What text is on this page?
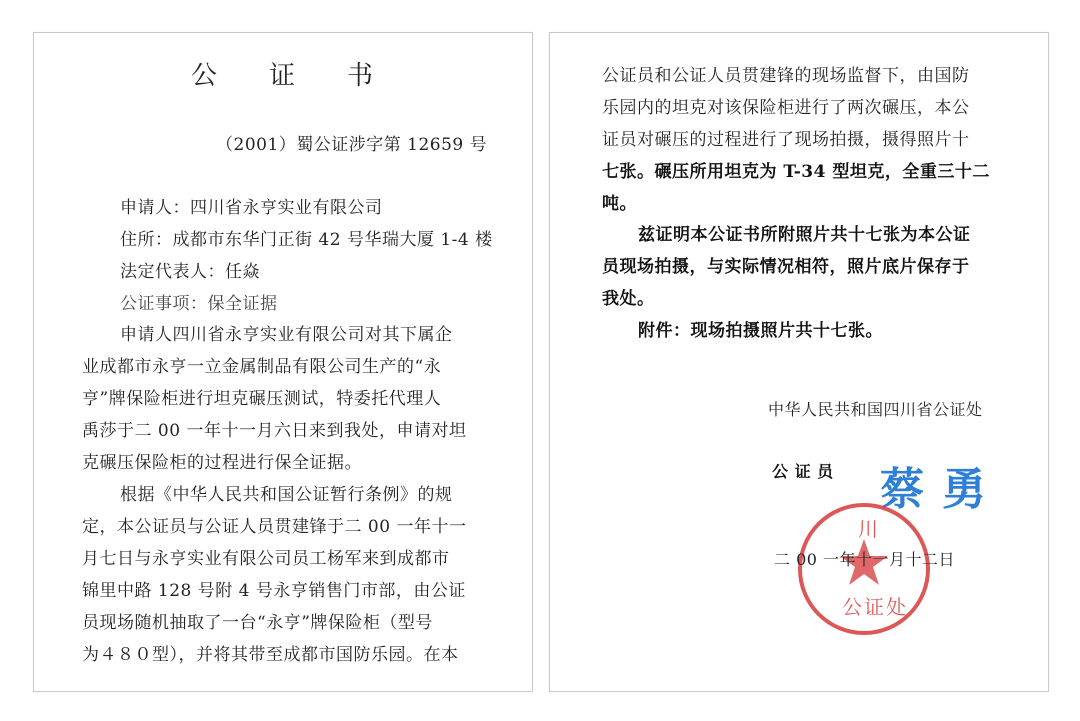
公 证 书
（2001）蜀公证涉字第 12659 号
申请人：四川省永亨实业有限公司
住所：成都市东华门正街 42 号华瑞大厦 1-4 楼
法定代表人：任焱
公证事项：保全证据
申请人四川省永亨实业有限公司对其下属企
业成都市永亨一立金属制品有限公司生产的“永
亨”牌保险柜进行坦克碾压测试，特委托代理人
禹莎于二 00 一年十一月六日来到我处，申请对坦
克碾压保险柜的过程进行保全证据。
根据《中华人民共和国公证暂行条例》的规
定，本公证员与公证人员贯建锋于二 00 一年十一
月七日与永亨实业有限公司员工杨军来到成都市
锦里中路 128 号附 4 号永亨销售门市部，由公证
员现场随机抽取了一台“永亨”牌保险柜（型号
为４８０型），并将其带至成都市国防乐园。在本
公证员和公证人员贯建锋的现场监督下，由国防
乐园内的坦克对该保险柜进行了两次碾压，本公
证员对碾压的过程进行了现场拍摄，摄得照片十
七张。碾压所用坦克为 T-34 型坦克，全重三十二
吨。
兹证明本公证书所附照片共十七张为本公证
员现场拍摄，与实际情况相符，照片底片保存于
我处。
附件：现场拍摄照片共十七张。
中华人民共和国四川省公证处
公 证 员 蔡勇
川
公证处
二 00 一年十一月十二日
